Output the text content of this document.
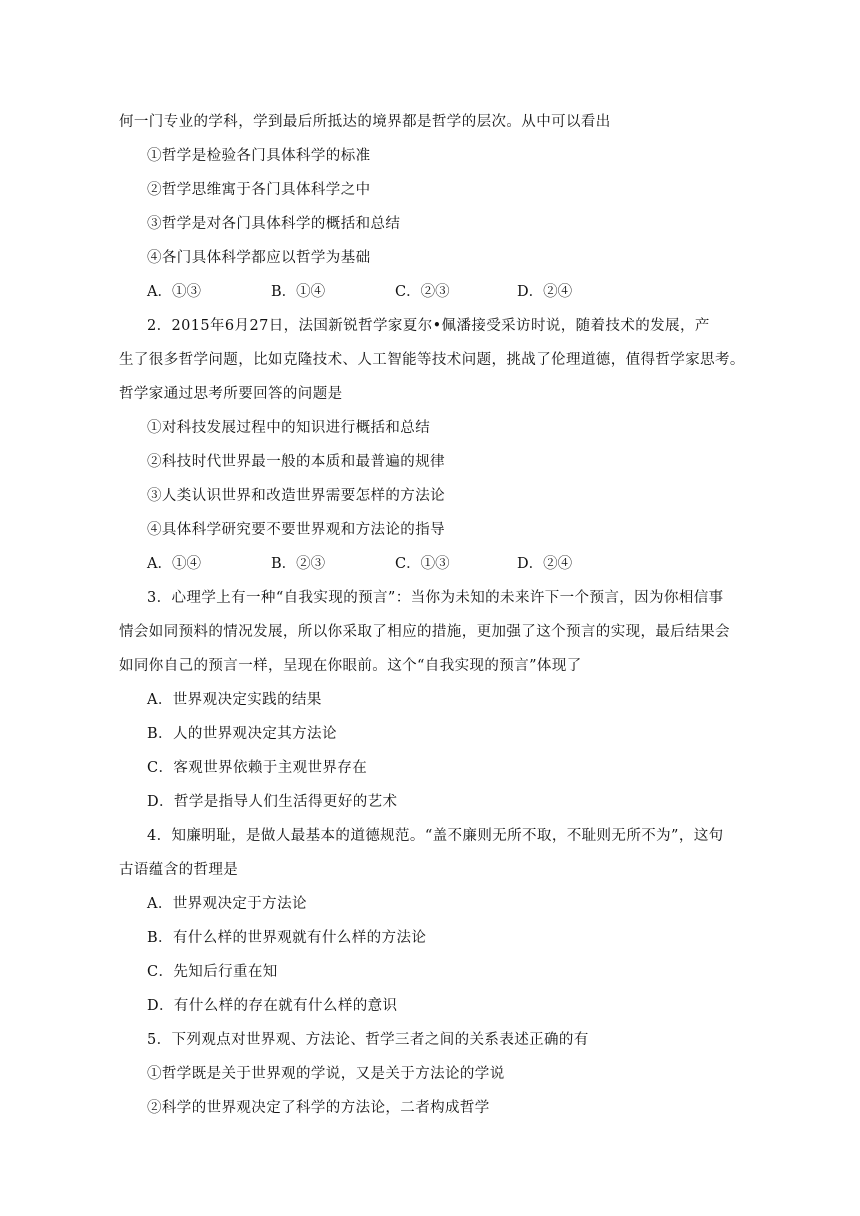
何一门专业的学科，学到最后所抵达的境界都是哲学的层次。从中可以看出
①哲学是检验各门具体科学的标准
②哲学思维寓于各门具体科学之中
③哲学是对各门具体科学的概括和总结
④各门具体科学都应以哲学为基础
A．①③	B．①④	C．②③	D．②④
2．2015年6月27日，法国新锐哲学家夏尔•佩潘接受采访时说，随着技术的发展，产
生了很多哲学问题，比如克隆技术、人工智能等技术问题，挑战了伦理道德，值得哲学家思考。
哲学家通过思考所要回答的问题是
①对科技发展过程中的知识进行概括和总结
②科技时代世界最一般的本质和最普遍的规律
③人类认识世界和改造世界需要怎样的方法论
④具体科学研究要不要世界观和方法论的指导
A．①④	B．②③	C．①③	D．②④
3．心理学上有一种“自我实现的预言”：当你为未知的未来许下一个预言，因为你相信事
情会如同预料的情况发展，所以你采取了相应的措施，更加强了这个预言的实现，最后结果会
如同你自己的预言一样，呈现在你眼前。这个“自我实现的预言”体现了
A．世界观决定实践的结果
B．人的世界观决定其方法论
C．客观世界依赖于主观世界存在
D．哲学是指导人们生活得更好的艺术
4．知廉明耻，是做人最基本的道德规范。“盖不廉则无所不取，不耻则无所不为”，这句
古语蕴含的哲理是
A．世界观决定于方法论
B．有什么样的世界观就有什么样的方法论
C．先知后行重在知
D．有什么样的存在就有什么样的意识
5．下列观点对世界观、方法论、哲学三者之间的关系表述正确的有
①哲学既是关于世界观的学说，又是关于方法论的学说
②科学的世界观决定了科学的方法论，二者构成哲学
